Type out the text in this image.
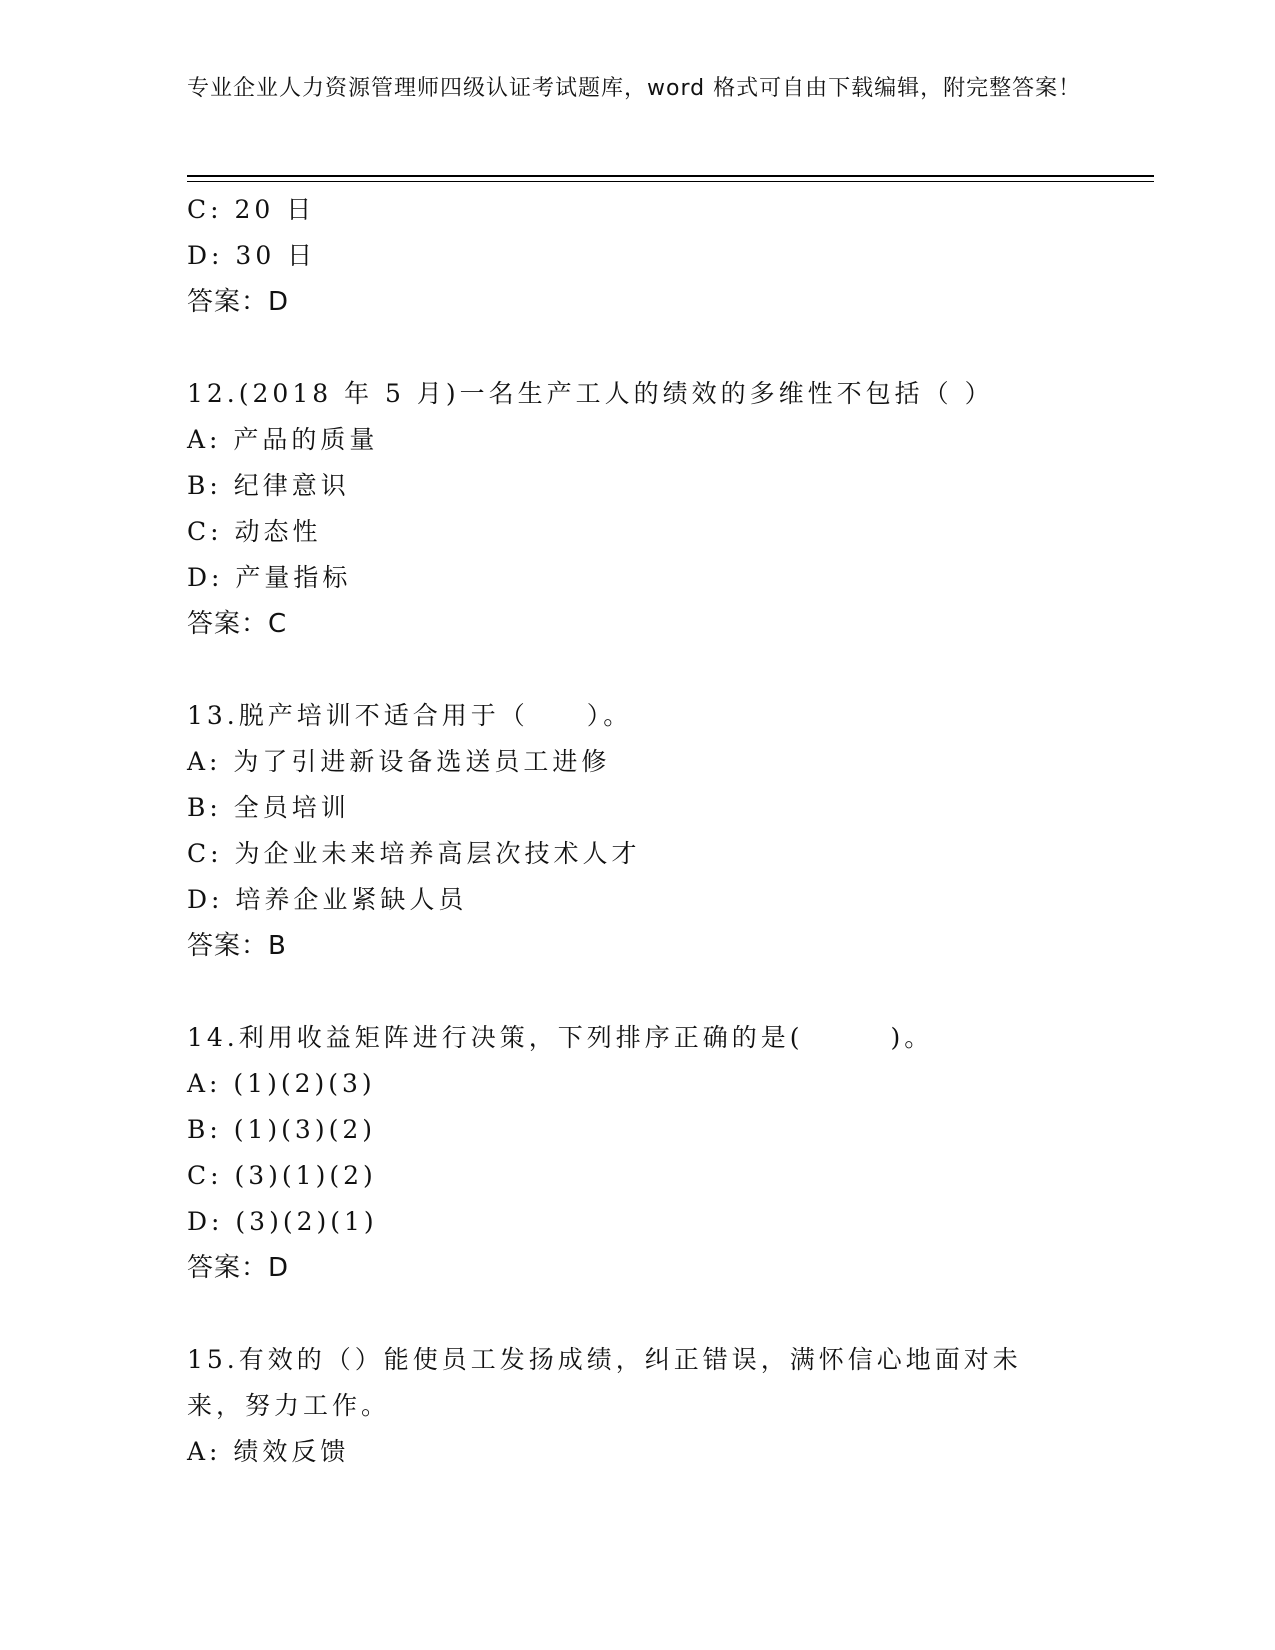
专业企业人力资源管理师四级认证考试题库，word 格式可自由下载编辑，附完整答案！
C: 20 日
D: 30 日
答案：D
12.(2018 年 5 月)一名生产工人的绩效的多维性不包括（ ）
A: 产品的质量
B: 纪律意识
C: 动态性
D: 产量指标
答案：C
13.脱产培训不适合用于（　　）。
A: 为了引进新设备选送员工进修
B: 全员培训
C: 为企业未来培养高层次技术人才
D: 培养企业紧缺人员
答案：B
14.利用收益矩阵进行决策，下列排序正确的是(　　　)。
A: (1)(2)(3)
B: (1)(3)(2)
C: (3)(1)(2)
D: (3)(2)(1)
答案：D
15.有效的（）能使员工发扬成绩，纠正错误，满怀信心地面对未来，努力工作。
A: 绩效反馈
